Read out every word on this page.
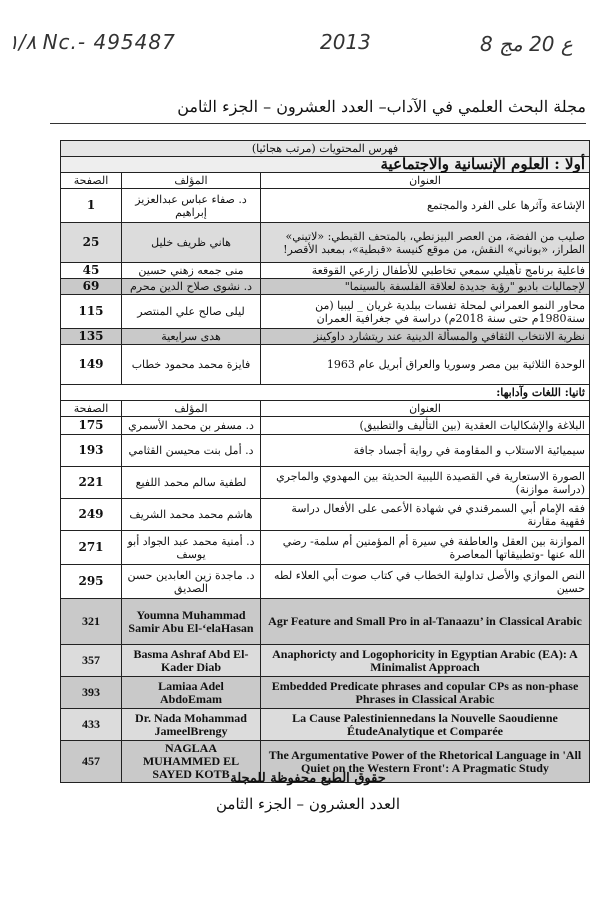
١/٨ Nc.- 495487	2013	8 ع 20 مج
مجلة البحث العلمي في الآداب– العدد العشرون – الجزء الثامن
فهرس المحتويات (مرتب هجائيا)		
أولا : العلوم الإنسانية والاجتماعية		
العنوان	المؤلف	الصفحة
الإشاعة وآثرها على الفرد والمجتمع	د. صفاء عباس عبدالعزيز إبراهيم	1
صليب من الفضة، من العصر البيزنطي، بالمتحف القبطي: «لاتيني» الطراز، «بوناني» النقش، من موقع كنيسة «قبطية»، بمعبد الأقصر!	هاني ظريف خليل	25
فاعلية برنامج تأهيلي سمعي تخاطبي للأطفال زارعي القوقعة	منى جمعه زهني حسين	45
لإجماليات باديو "رؤية جديدة لعلاقة الفلسفة بالسينما"	د. نشوى صلاح الدين محرم	69
محاور النمو العمراني لمحلة تفسات ببلدية غريان _ ليبيا (من سنة1980م حتى سنة 2018م) دراسة في جغرافية العمران	ليلى صالح علي المنتصر	115
نظرية الانتخاب الثقافي والمسألة الدينية عند ريتشارد داوكينز	هدى سرايعية	135
الوحدة الثلاثية بين مصر وسوريا والعراق أبريل عام 1963	فايزة محمد محمود خطاب	149
ثانيا: اللغات وآدابها:		
العنوان	المؤلف	الصفحة
البلاغة والإشكاليات العقدية (بين التأليف والتطبيق)	د. مسفر بن محمد الأسمري	175
سيميائية الاستلاب و المقاومة في رواية أجساد جافة	د. أمل بنت محيسن القثامي	193
الصورة الاستعارية في القصيدة الليبية الحديثة بين المهدوي والماجري (دراسة موازنة)	لطفية سالم محمد اللفيع	221
فقه الإمام أبي السمرقندي في شهادة الأعمى على الأفعال دراسة فقهية مقارنة	هاشم محمد محمد الشريف	249
الموازنة بين العقل والعاطفة في سيرة أم المؤمنين أم سلمة- رضي الله عنها -وتطبيقاتها المعاصرة	د. أمنية محمد عبد الجواد أبو يوسف	271
النص الموازي والأصل تداولية الخطاب في كتاب صوت أبي العلاء لطه حسين	د. ماجدة زين العابدين حسن الصديق	295
Agr Feature and Small Pro in al-Tanaazu’ in Classical Arabic	Youmna Muhammad Samir Abu El-‘elaHasan	321
Anaphoricty and Logophoricity in Egyptian Arabic (EA): A Minimalist Approach	Basma Ashraf Abd El-Kader Diab	357
Embedded Predicate phrases and copular CPs as non-phase Phrases in Classical Arabic	Lamiaa Adel AbdoEmam	393
La Cause Palestiniennedans la Nouvelle Saoudienne ÉtudeAnalytique et Comparée	Dr. Nada Mohammad JameelBrengy	433
The Argumentative Power of the Rhetorical Language in 'All Quiet on the Western Front': A Pragmatic Study	NAGLAA MUHAMMED EL SAYED KOTB	457
حقوق الطبع محفوظة للمجلة
العدد العشرون – الجزء الثامن
